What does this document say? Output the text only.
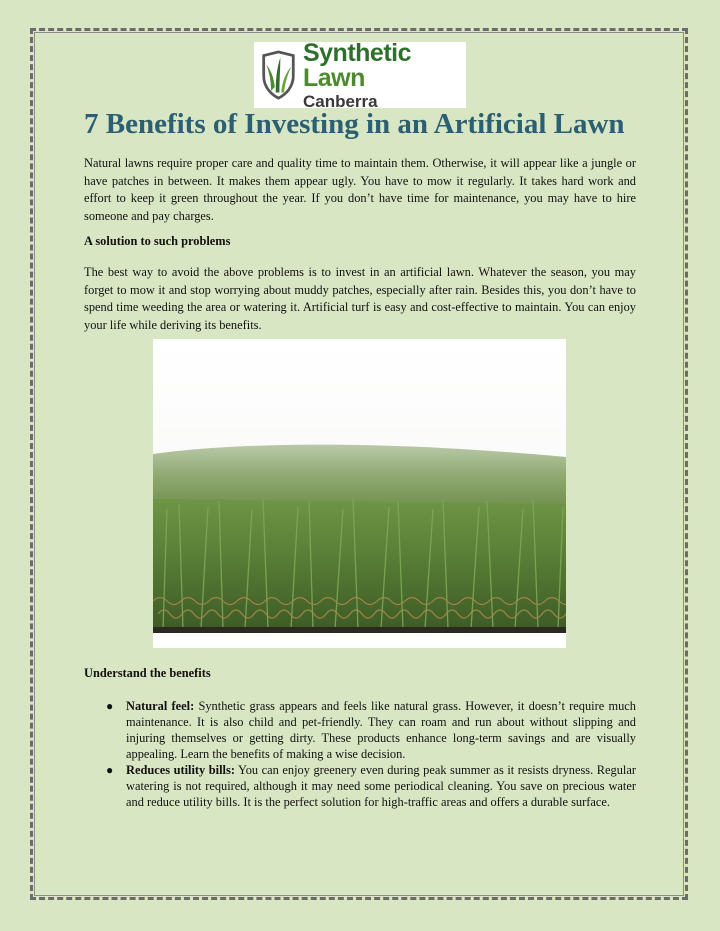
Synthetic Lawn
Canberra
7 Benefits of Investing in an Artificial Lawn

Natural lawns require proper care and quality time to maintain them. Otherwise, it will appear like a jungle or have patches in between. It makes them appear ugly. You have to mow it regularly. It takes hard work and effort to keep it green throughout the year. If you don’t have time for maintenance, you may have to hire someone and pay charges.

A solution to such problems

The best way to avoid the above problems is to invest in an artificial lawn. Whatever the season, you may forget to mow it and stop worrying about muddy patches, especially after rain. Besides this, you don’t have to spend time weeding the area or watering it. Artificial turf is easy and cost-effective to maintain. You can enjoy your life while deriving its benefits.

Understand the benefits

● Natural feel: Synthetic grass appears and feels like natural grass. However, it doesn’t require much maintenance. It is also child and pet-friendly. They can roam and run about without slipping and injuring themselves or getting dirty. These products enhance long-term savings and are visually appealing. Learn the benefits of making a wise decision.
● Reduces utility bills: You can enjoy greenery even during peak summer as it resists dryness. Regular watering is not required, although it may need some periodical cleaning. You save on precious water and reduce utility bills. It is the perfect solution for high-traffic areas and offers a durable surface.
